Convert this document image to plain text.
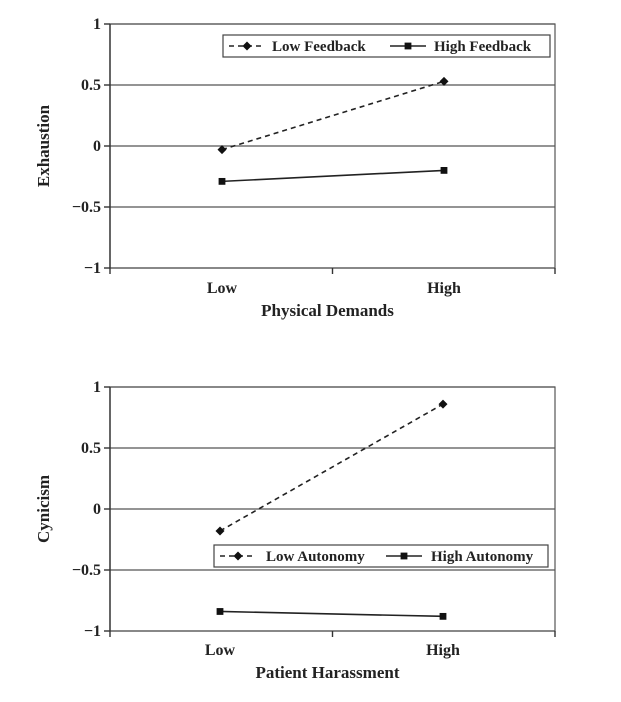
1
0.5
0
−0.5
−1
Low	High
Physical Demands
Exhaustion
Low Feedback	High Feedback
1
0.5
0
−0.5
−1
Low	High
Patient Harassment
Cynicism
Low Autonomy	High Autonomy
